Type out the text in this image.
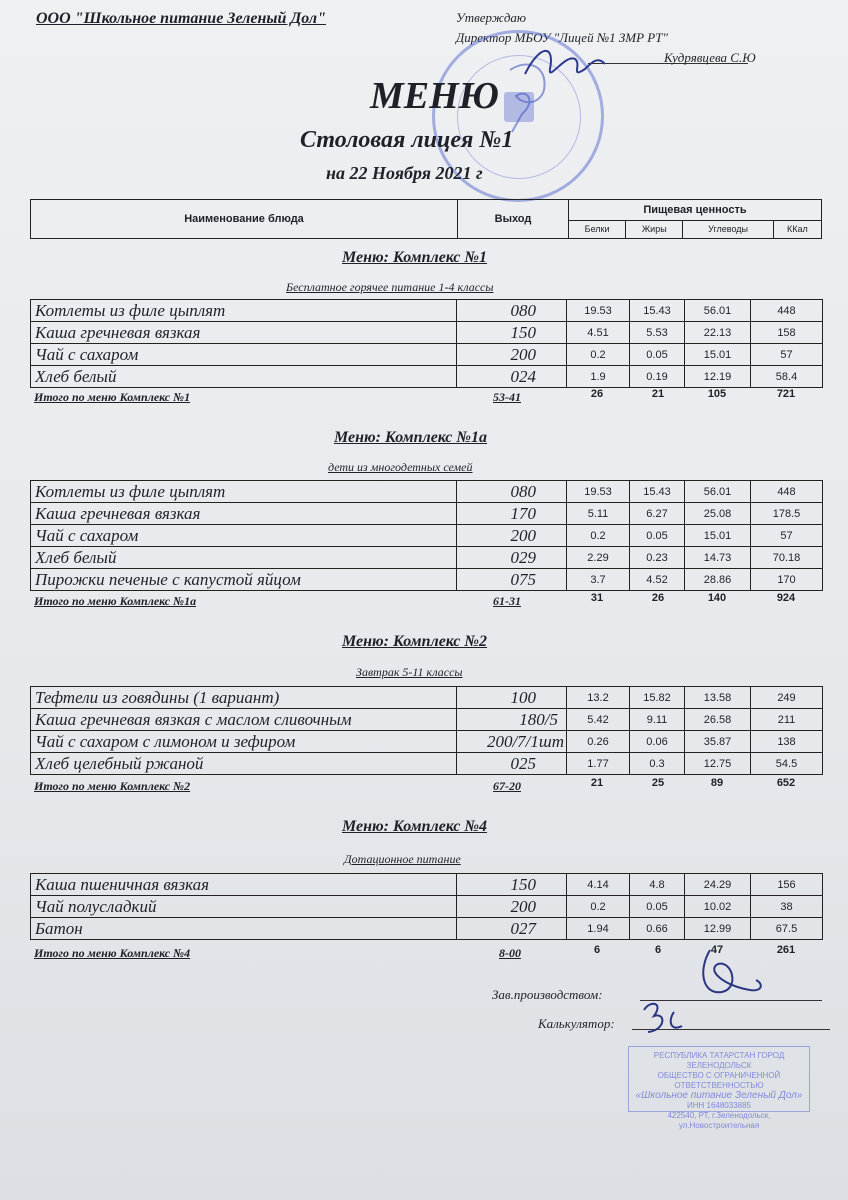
ООО "Школьное питание Зеленый Дол"	Утверждаю
Директор МБОУ "Лицей №1 ЗМР РТ"
Кудрявцева С.Ю
МЕНЮ
Столовая лицея №1
на 22 Ноября 2021 г
Наименование блюда	Выход	Пищевая ценность			
		Белки	Жиры	Углеводы	ККал
Меню: Комплекс №1
Бесплатное горячее питание 1-4 классы
Котлеты из филе цыплят	080	19.53	15.43	56.01	448
Каша гречневая вязкая	150	4.51	5.53	22.13	158
Чай с сахаром	200	0.2	0.05	15.01	57
Хлеб белый	024	1.9	0.19	12.19	58.4
Итого по меню Комплекс №1	53-41	26	21	105	721
Меню: Комплекс №1а
дети из многодетных семей
Котлеты из филе цыплят	080	19.53	15.43	56.01	448
Каша гречневая вязкая	170	5.11	6.27	25.08	178.5
Чай с сахаром	200	0.2	0.05	15.01	57
Хлеб белый	029	2.29	0.23	14.73	70.18
Пирожки печеные с капустой яйцом	075	3.7	4.52	28.86	170
Итого по меню Комплекс №1а	61-31	31	26	140	924
Меню: Комплекс №2
Завтрак 5-11 классы
Тефтели из говядины (1 вариант)	100	13.2	15.82	13.58	249
Каша гречневая вязкая с маслом сливочным	180/5	5.42	9.11	26.58	211
Чай с сахаром с лимоном и зефиром	200/7/1шт	0.26	0.06	35.87	138
Хлеб целебный ржаной	025	1.77	0.3	12.75	54.5
Итого по меню Комплекс №2	67-20	21	25	89	652
Меню: Комплекс №4
Дотационное питание
Каша пшеничная вязкая	150	4.14	4.8	24.29	156
Чай полусладкий	200	0.2	0.05	10.02	38
Батон	027	1.94	0.66	12.99	67.5
Итого по меню Комплекс №4	8-00	6	6	47	261
Зав.производством:
Калькулятор:
РЕСПУБЛИКА ТАТАРСТАН ГОРОД ЗЕЛЕНОДОЛЬСК
ОБЩЕСТВО С ОГРАНИЧЕННОЙ ОТВЕТСТВЕННОСТЬЮ
«Школьное питание Зеленый Дол»
ИНН 1648033885
422540, РТ, г.Зеленодольск, ул.Новостроительная
